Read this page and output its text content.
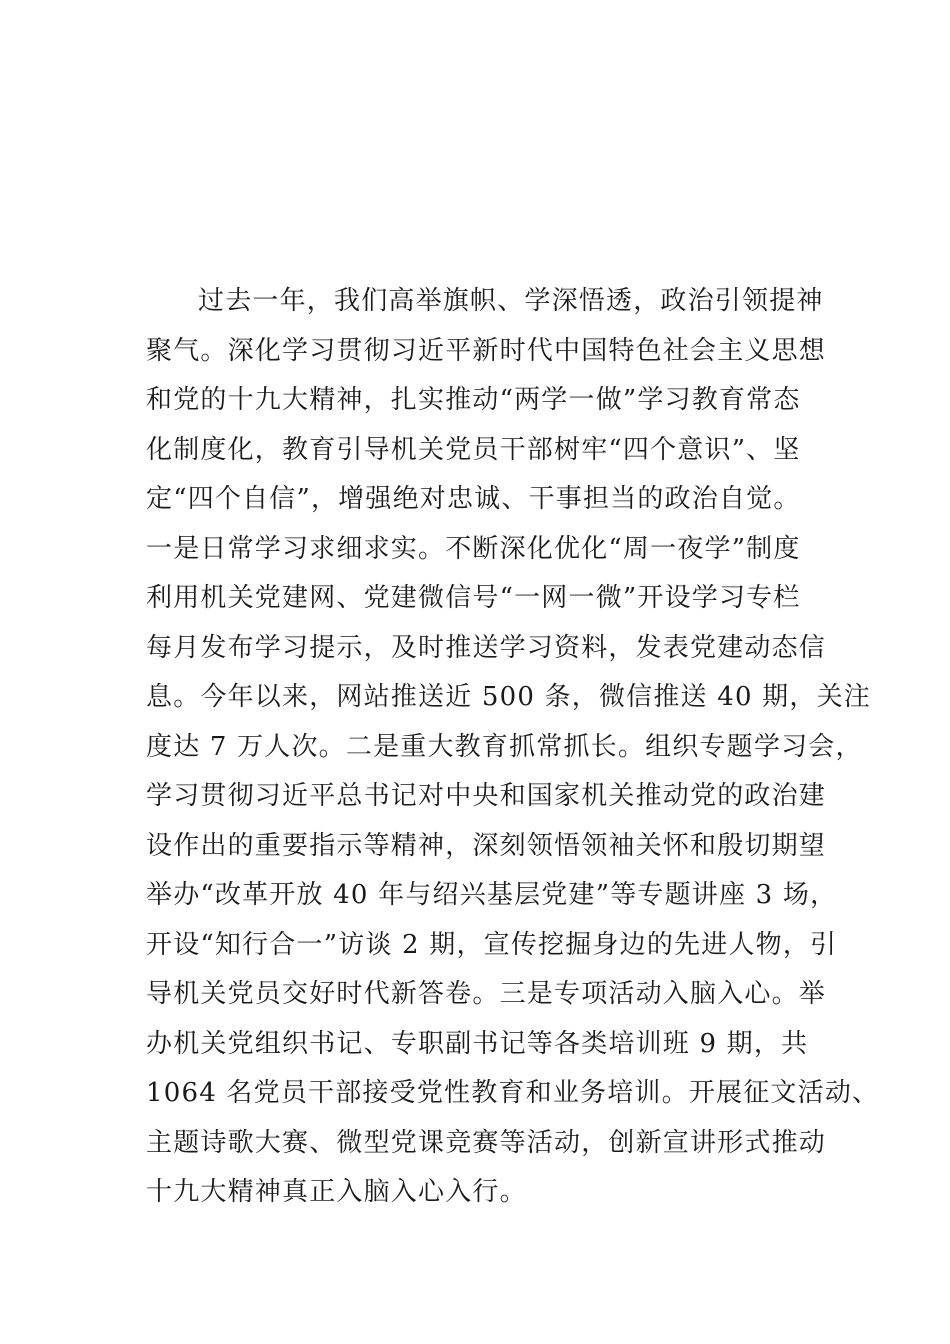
过去一年，我们高举旗帜、学深悟透，政治引领提神
聚气。深化学习贯彻习近平新时代中国特色社会主义思想
和党的十九大精神，扎实推动“两学一做”学习教育常态
化制度化，教育引导机关党员干部树牢“四个意识”、坚
定“四个自信”，增强绝对忠诚、干事担当的政治自觉。
一是日常学习求细求实。不断深化优化“周一夜学”制度
利用机关党建网、党建微信号“一网一微”开设学习专栏
每月发布学习提示，及时推送学习资料，发表党建动态信
息。今年以来，网站推送近 500 条，微信推送 40 期，关注
度达 7 万人次。二是重大教育抓常抓长。组织专题学习会，
学习贯彻习近平总书记对中央和国家机关推动党的政治建
设作出的重要指示等精神，深刻领悟领袖关怀和殷切期望
举办“改革开放 40 年与绍兴基层党建”等专题讲座 3 场，
开设“知行合一”访谈 2 期，宣传挖掘身边的先进人物，引
导机关党员交好时代新答卷。三是专项活动入脑入心。举
办机关党组织书记、专职副书记等各类培训班 9 期，共
1064 名党员干部接受党性教育和业务培训。开展征文活动、
主题诗歌大赛、微型党课竞赛等活动，创新宣讲形式推动
十九大精神真正入脑入心入行。
